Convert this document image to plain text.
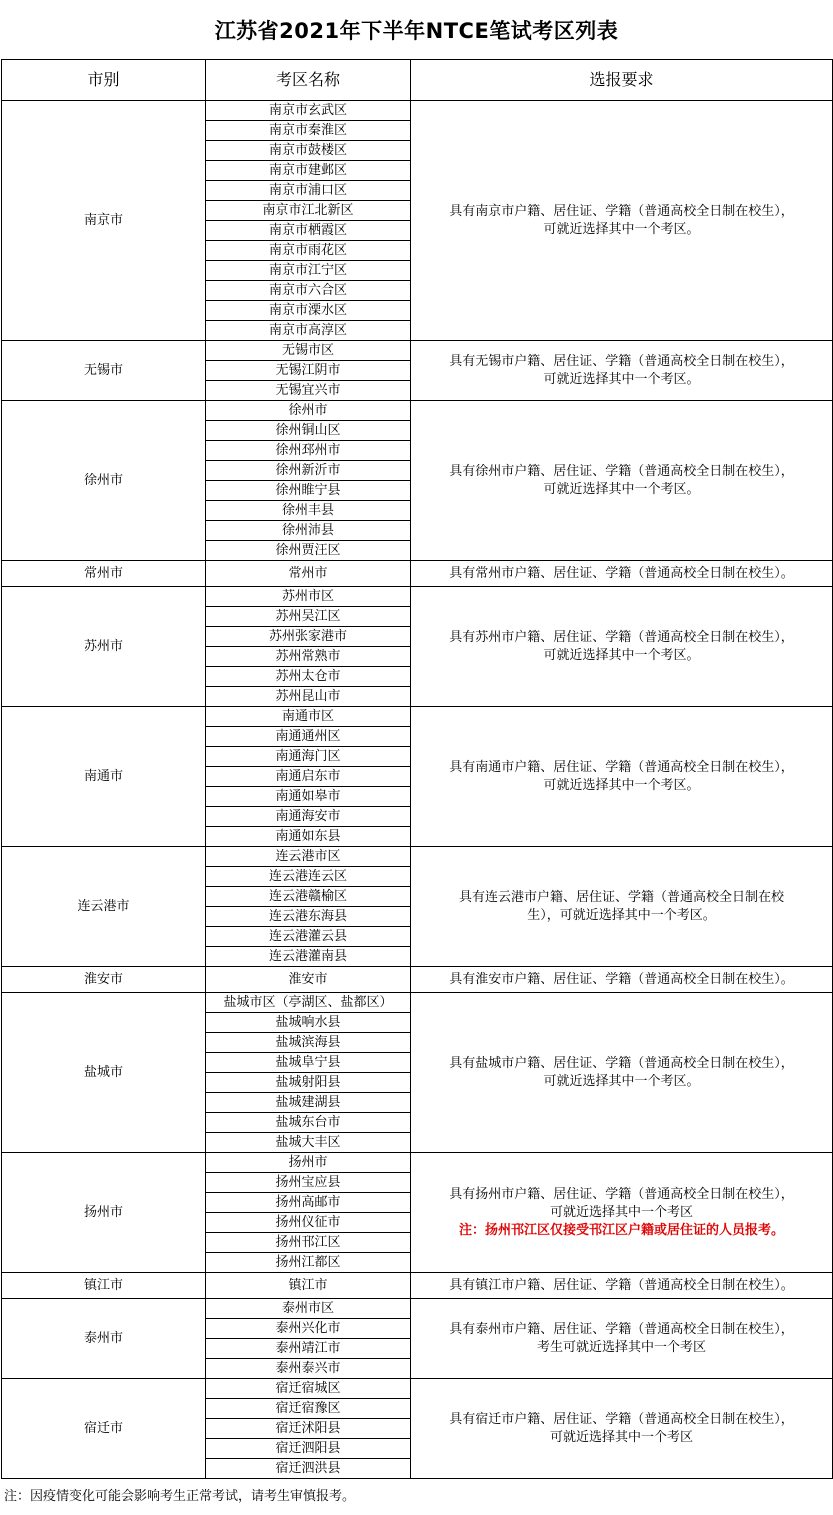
江苏省2021年下半年NTCE笔试考区列表
市别	考区名称	选报要求
南京市	南京市玄武区	具有南京市户籍、居住证、学籍（普通高校全日制在校生），
可就近选择其中一个考区。

	南京市秦淮区	
	南京市鼓楼区	
	南京市建邺区	
	南京市浦口区	
	南京市江北新区	
	南京市栖霞区	
	南京市雨花区	
	南京市江宁区	
	南京市六合区	
	南京市溧水区	
	南京市高淳区	
无锡市	无锡市区	具有无锡市户籍、居住证、学籍（普通高校全日制在校生），
可就近选择其中一个考区。

	无锡江阴市	
	无锡宜兴市	
徐州市	徐州市	具有徐州市户籍、居住证、学籍（普通高校全日制在校生），
可就近选择其中一个考区。

	徐州铜山区	
	徐州邳州市	
	徐州新沂市	
	徐州睢宁县	
	徐州丰县	
	徐州沛县	
	徐州贾汪区	
常州市	常州市	具有常州市户籍、居住证、学籍（普通高校全日制在校生）。

苏州市	苏州市区	具有苏州市户籍、居住证、学籍（普通高校全日制在校生），
可就近选择其中一个考区。

	苏州吴江区	
	苏州张家港市	
	苏州常熟市	
	苏州太仓市	
	苏州昆山市	
南通市	南通市区	具有南通市户籍、居住证、学籍（普通高校全日制在校生），
可就近选择其中一个考区。

	南通通州区	
	南通海门区	
	南通启东市	
	南通如皋市	
	南通海安市	
	南通如东县	
连云港市	连云港市区	具有连云港市户籍、居住证、学籍（普通高校全日制在校
生），可就近选择其中一个考区。

	连云港连云区	
	连云港赣榆区	
	连云港东海县	
	连云港灌云县	
	连云港灌南县	
淮安市	淮安市	具有淮安市户籍、居住证、学籍（普通高校全日制在校生）。

盐城市	盐城市区（亭湖区、盐都区）	具有盐城市户籍、居住证、学籍（普通高校全日制在校生），
可就近选择其中一个考区。

	盐城响水县	
	盐城滨海县	
	盐城阜宁县	
	盐城射阳县	
	盐城建湖县	
	盐城东台市	
	盐城大丰区	
扬州市	扬州市	具有扬州市户籍、居住证、学籍（普通高校全日制在校生），
可就近选择其中一个考区
注：扬州邗江区仅接受邗江区户籍或居住证的人员报考。

	扬州宝应县	
	扬州高邮市	
	扬州仪征市	
	扬州邗江区	
	扬州江都区	
镇江市	镇江市	具有镇江市户籍、居住证、学籍（普通高校全日制在校生）。

泰州市	泰州市区	具有泰州市户籍、居住证、学籍（普通高校全日制在校生），
考生可就近选择其中一个考区

	泰州兴化市	
	泰州靖江市	
	泰州泰兴市	
宿迁市	宿迁宿城区	具有宿迁市户籍、居住证、学籍（普通高校全日制在校生），
可就近选择其中一个考区

	宿迁宿豫区	
	宿迁沭阳县	
	宿迁泗阳县	
	宿迁泗洪县	
注：因疫情变化可能会影响考生正常考试，请考生审慎报考。
